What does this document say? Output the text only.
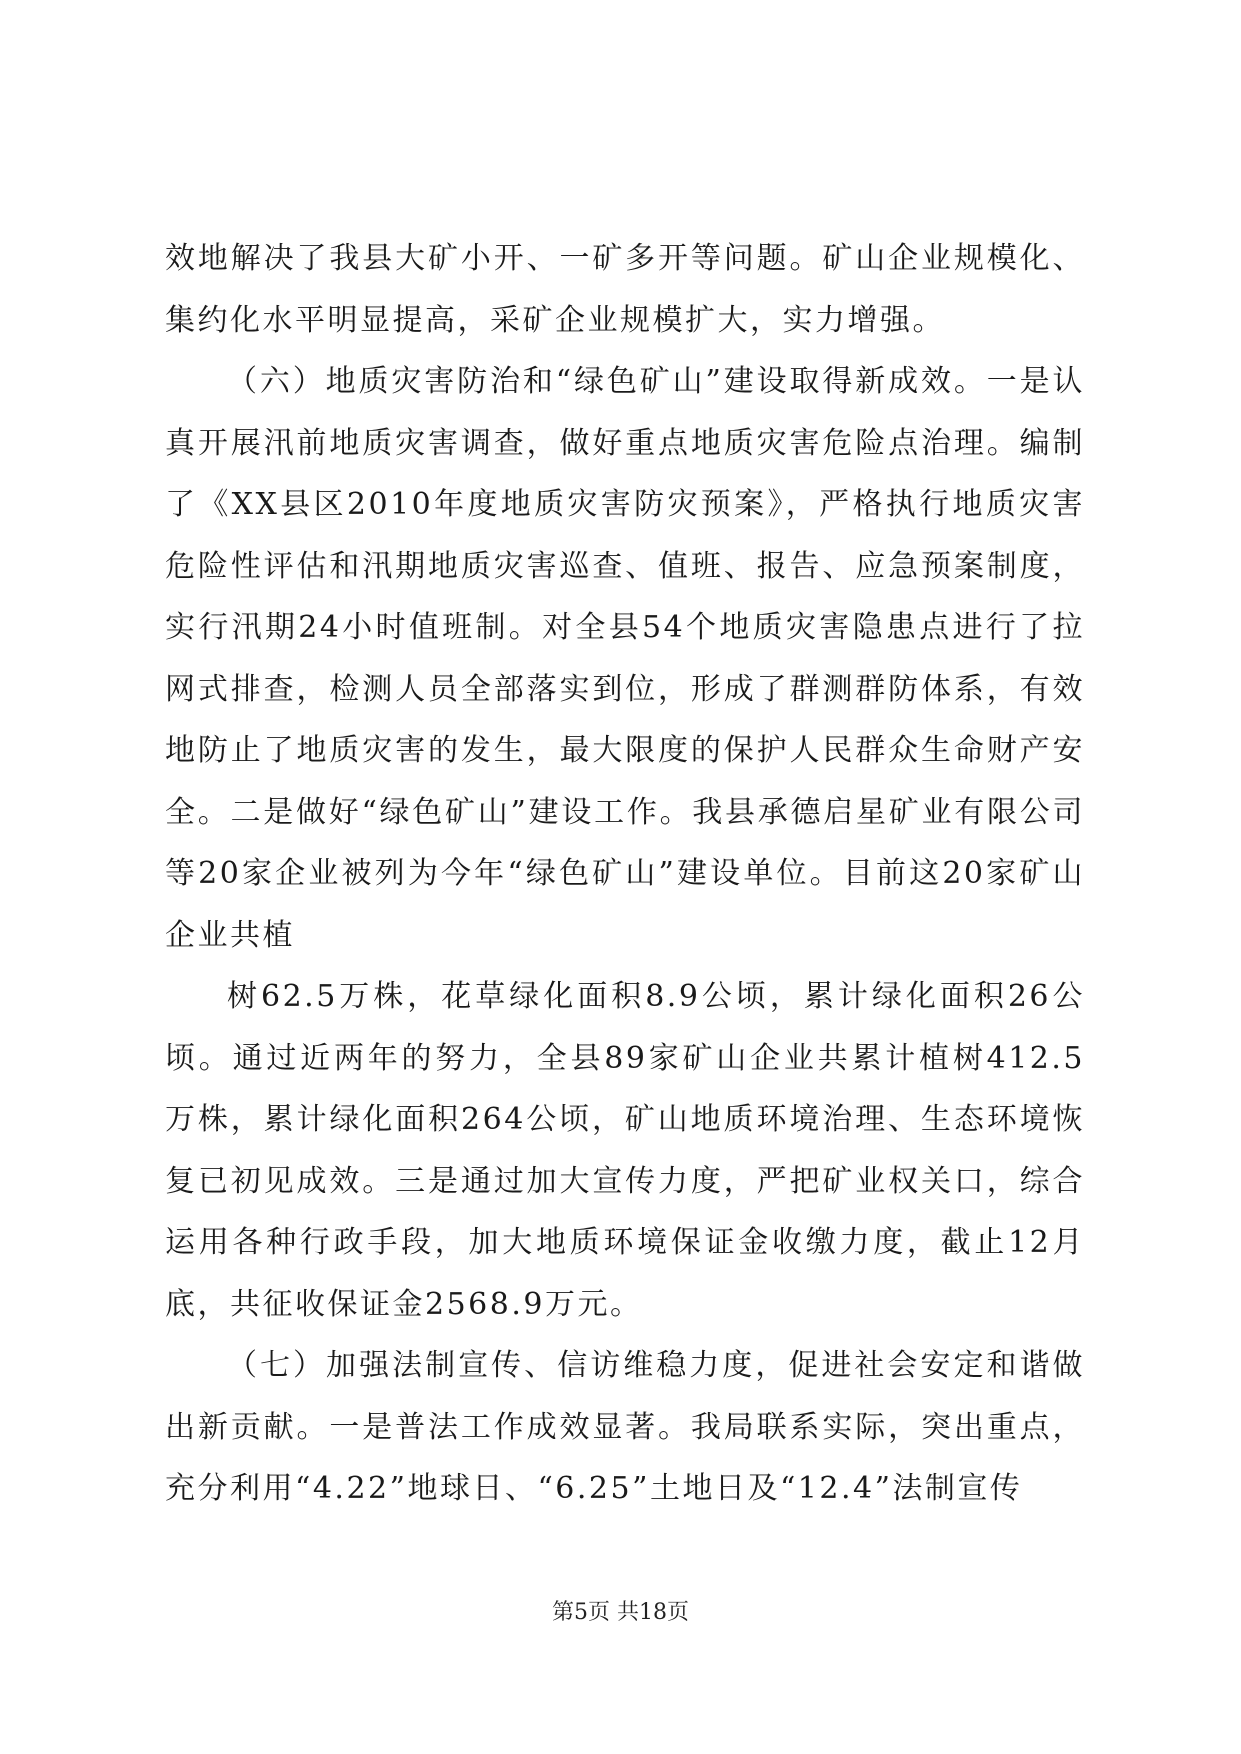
效地解决了我县大矿小开、一矿多开等问题。矿山企业规模化、集约化水平明显提高，采矿企业规模扩大，实力增强。

（六）地质灾害防治和“绿色矿山”建设取得新成效。一是认真开展汛前地质灾害调查，做好重点地质灾害危险点治理。编制了《XX县区2010年度地质灾害防灾预案》，严格执行地质灾害危险性评估和汛期地质灾害巡查、值班、报告、应急预案制度，实行汛期24小时值班制。对全县54个地质灾害隐患点进行了拉网式排查，检测人员全部落实到位，形成了群测群防体系，有效地防止了地质灾害的发生，最大限度的保护人民群众生命财产安全。二是做好“绿色矿山”建设工作。我县承德启星矿业有限公司等20家企业被列为今年“绿色矿山”建设单位。目前这20家矿山企业共植

树62.5万株，花草绿化面积8.9公顷，累计绿化面积26公顷。通过近两年的努力，全县89家矿山企业共累计植树412.5万株，累计绿化面积264公顷，矿山地质环境治理、生态环境恢复已初见成效。三是通过加大宣传力度，严把矿业权关口，综合运用各种行政手段，加大地质环境保证金收缴力度，截止12月底，共征收保证金2568.9万元。

（七）加强法制宣传、信访维稳力度，促进社会安定和谐做出新贡献。一是普法工作成效显著。我局联系实际，突出重点，充分利用“4.22”地球日、“6.25”土地日及“12.4”法制宣传

第5页 共18页
